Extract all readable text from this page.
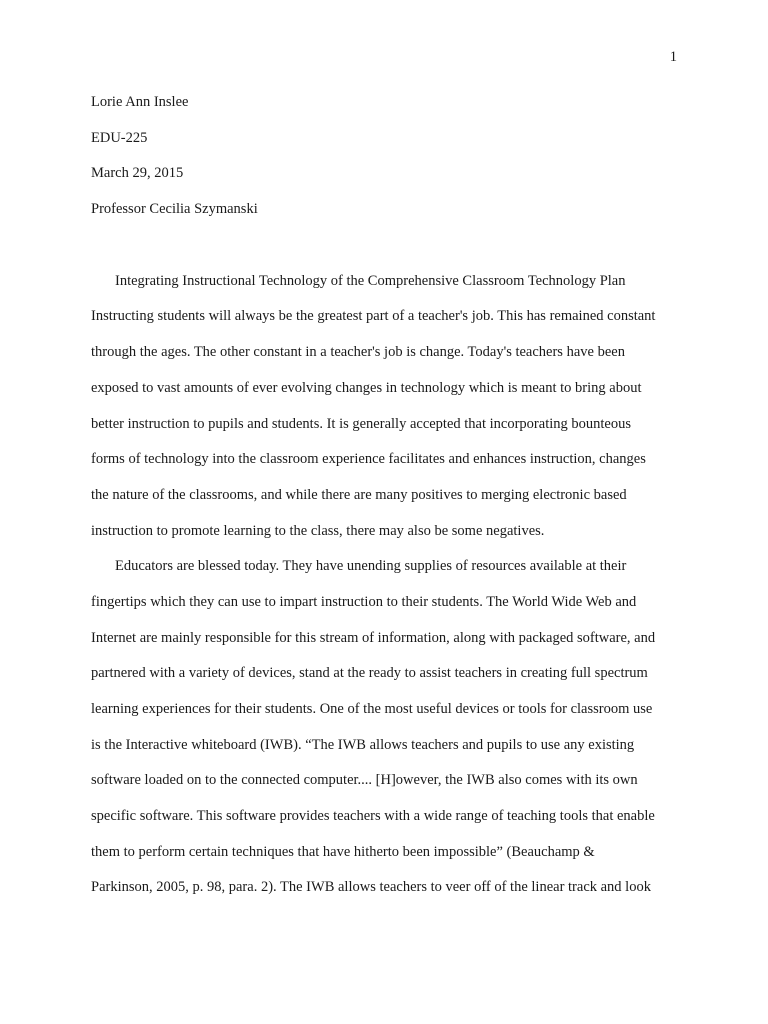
1
Lorie Ann Inslee
EDU-225
March 29, 2015
Professor Cecilia Szymanski
Integrating Instructional Technology of the Comprehensive Classroom Technology Plan
Instructing students will always be the greatest part of a teacher's job. This has remained constant
through the ages. The other constant in a teacher's job is change. Today's teachers have been
exposed to vast amounts of ever evolving changes in technology which is meant to bring about
better instruction to pupils and students. It is generally accepted that incorporating bounteous
forms of technology into the classroom experience facilitates and enhances instruction, changes
the nature of the classrooms, and while there are many positives to merging electronic based
instruction to promote learning to the class, there may also be some negatives.
Educators are blessed today. They have unending supplies of resources available at their
fingertips which they can use to impart instruction to their students. The World Wide Web and
Internet are mainly responsible for this stream of information, along with packaged software, and
partnered with a variety of devices, stand at the ready to assist teachers in creating full spectrum
learning experiences for their students. One of the most useful devices or tools for classroom use
is the Interactive whiteboard (IWB). “The IWB allows teachers and pupils to use any existing
software loaded on to the connected computer.... [H]owever, the IWB also comes with its own
specific software. This software provides teachers with a wide range of teaching tools that enable
them to perform certain techniques that have hitherto been impossible” (Beauchamp &
Parkinson, 2005, p. 98, para. 2). The IWB allows teachers to veer off of the linear track and look
